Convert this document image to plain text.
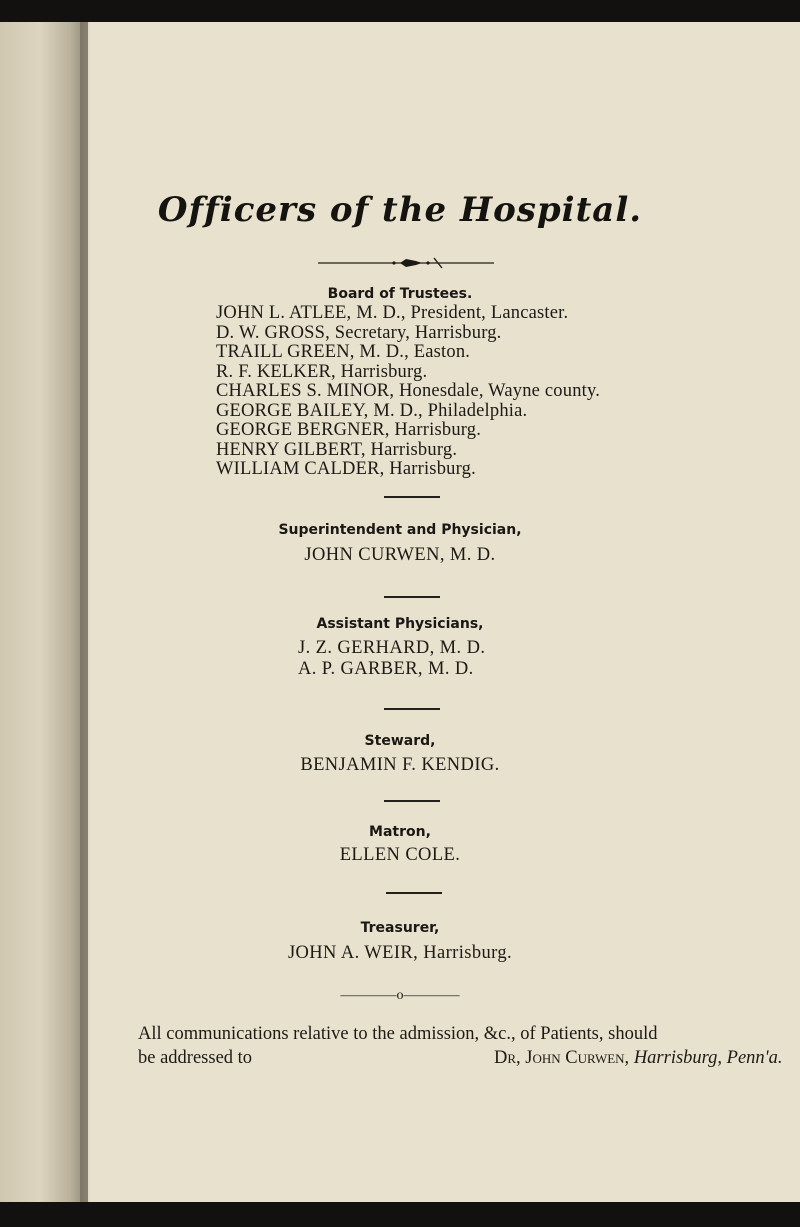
Officers of the Hospital.
Board of Trustees.
JOHN L. ATLEE, M. D., President, Lancaster.
D. W. GROSS, Secretary, Harrisburg.
TRAILL GREEN, M. D., Easton.
R. F. KELKER, Harrisburg.
CHARLES S. MINOR, Honesdale, Wayne county.
GEORGE BAILEY, M. D., Philadelphia.
GEORGE BERGNER, Harrisburg.
HENRY GILBERT, Harrisburg.
WILLIAM CALDER, Harrisburg.
Superintendent and Physician,
JOHN CURWEN, M. D.
Assistant Physicians,
J. Z. GERHARD, M. D.
A. P. GARBER, M. D.
Steward,
BENJAMIN F. KENDIG.
Matron,
ELLEN COLE.
Treasurer,
JOHN A. WEIR, Harrisburg.
————o————
All communications relative to the admission, &c., of Patients, should
be addressed to	Dr, John Curwen, Harrisburg, Penn'a.
